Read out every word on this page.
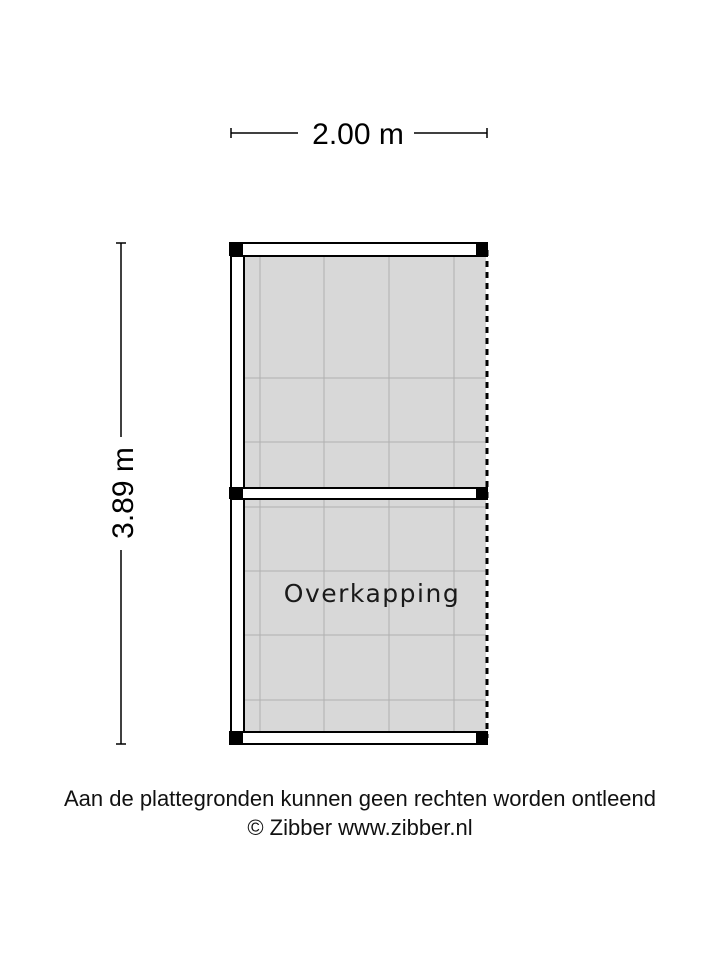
2.00 m
3.89 m
Overkapping
Aan de plattegronden kunnen geen rechten worden ontleend
© Zibber www.zibber.nl
